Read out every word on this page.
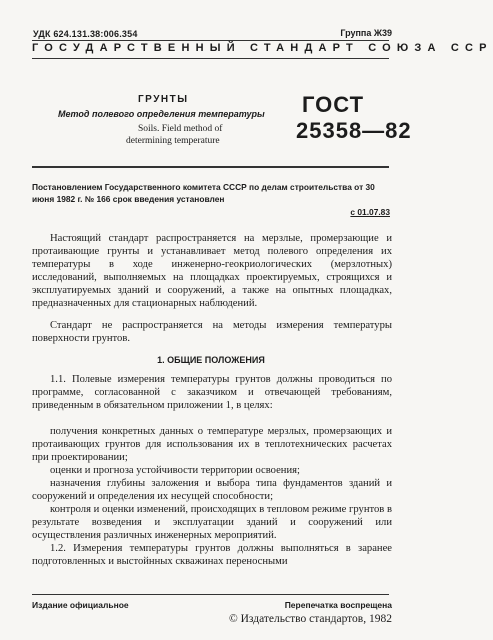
УДК 624.131.38:006.354	Группа Ж39
ГОСУДАРСТВЕННЫЙ СТАНДАРТ СОЮЗА ССР
ГРУНТЫ
Метод полевого определения температуры
Soils. Field method of
determining temperature
ГОСТ
25358—82
Постановлением Государственного комитета СССР по делам строительства от 30 июня 1982 г. № 166 срок введения установлен
с 01.07.83
Настоящий стандарт распространяется на мерзлые, промерзающие и протаивающие грунты и устанавливает метод полевого определения их температуры в ходе инженерно-геокриологических (мерзлотных) исследований, выполняемых на площадках проектируемых, строящихся и эксплуатируемых зданий и сооружений, а также на опытных площадках, предназначенных для стационарных наблюдений.
Стандарт не распространяется на методы измерения температуры поверхности грунтов.
1. ОБЩИЕ ПОЛОЖЕНИЯ
1.1. Полевые измерения температуры грунтов должны проводиться по программе, согласованной с заказчиком и отвечающей требованиям, приведенным в обязательном приложении 1, в целях:
получения конкретных данных о температуре мерзлых, промерзающих и протаивающих грунтов для использования их в теплотехнических расчетах при проектировании;
оценки и прогноза устойчивости территории освоения;
назначения глубины заложения и выбора типа фундаментов зданий и сооружений и определения их несущей способности;
контроля и оценки изменений, происходящих в тепловом режиме грунтов в результате возведения и эксплуатации зданий и сооружений или осуществления различных инженерных мероприятий.
1.2. Измерения температуры грунтов должны выполняться в заранее подготовленных и выстойнных скважинах переносными
Издание официальное	Перепечатка воспрещена
© Издательство стандартов, 1982
